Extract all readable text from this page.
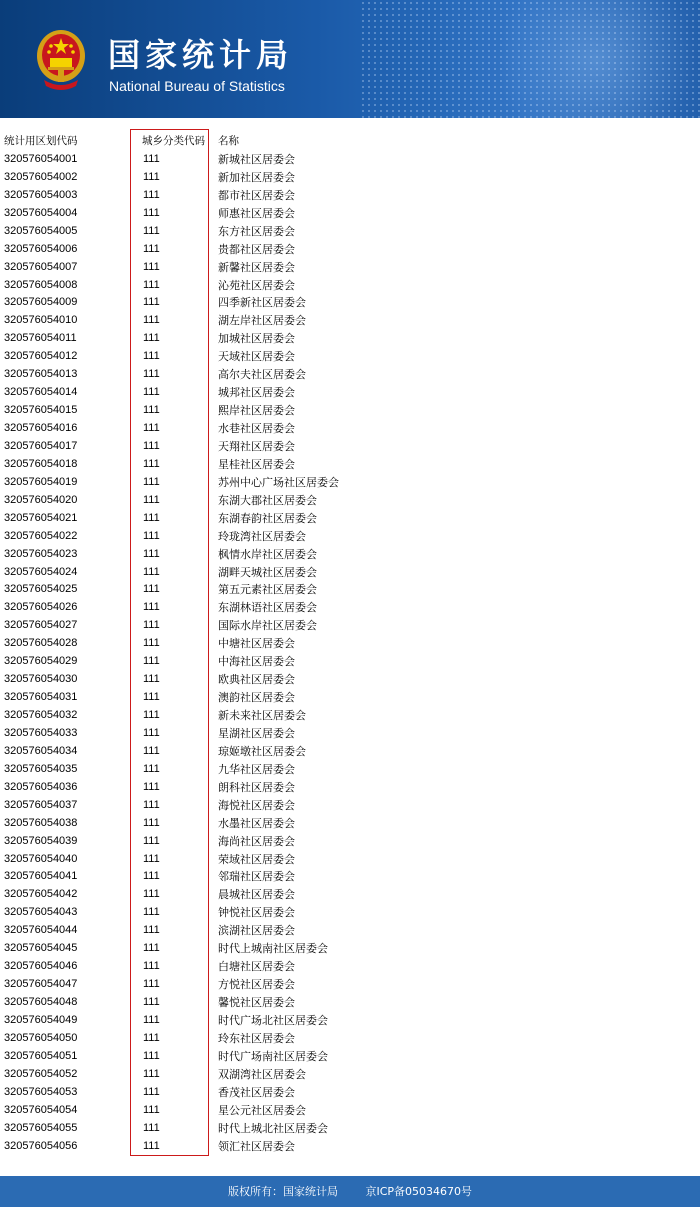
国家统计局
National Bureau of Statistics
统计用区划代码	城乡分类代码 名称
320576054001	111	新城社区居委会
320576054002	111	新加社区居委会
320576054003	111	都市社区居委会
320576054004	111	师惠社区居委会
320576054005	111	东方社区居委会
320576054006	111	贵都社区居委会
320576054007	111	新馨社区居委会
320576054008	111	沁苑社区居委会
320576054009	111	四季新社区居委会
320576054010	111	湖左岸社区居委会
320576054011	111	加城社区居委会
320576054012	111	天域社区居委会
320576054013	111	高尔夫社区居委会
320576054014	111	城邦社区居委会
320576054015	111	熙岸社区居委会
320576054016	111	水巷社区居委会
320576054017	111	天翔社区居委会
320576054018	111	星桂社区居委会
320576054019	111	苏州中心广场社区居委会
320576054020	111	东湖大郡社区居委会
320576054021	111	东湖春韵社区居委会
320576054022	111	玲珑湾社区居委会
320576054023	111	枫情水岸社区居委会
320576054024	111	湖畔天城社区居委会
320576054025	111	第五元素社区居委会
320576054026	111	东湖林语社区居委会
320576054027	111	国际水岸社区居委会
320576054028	111	中塘社区居委会
320576054029	111	中海社区居委会
320576054030	111	欧典社区居委会
320576054031	111	澳韵社区居委会
320576054032	111	新未来社区居委会
320576054033	111	星湖社区居委会
320576054034	111	琼姬墩社区居委会
320576054035	111	九华社区居委会
320576054036	111	朗科社区居委会
320576054037	111	海悦社区居委会
320576054038	111	水墨社区居委会
320576054039	111	海尚社区居委会
320576054040	111	荣域社区居委会
320576054041	111	邻瑞社区居委会
320576054042	111	晨城社区居委会
320576054043	111	钟悦社区居委会
320576054044	111	滨湖社区居委会
320576054045	111	时代上城南社区居委会
320576054046	111	白塘社区居委会
320576054047	111	方悦社区居委会
320576054048	111	馨悦社区居委会
320576054049	111	时代广场北社区居委会
320576054050	111	玲东社区居委会
320576054051	111	时代广场南社区居委会
320576054052	111	双湖湾社区居委会
320576054053	111	香茂社区居委会
320576054054	111	星公元社区居委会
320576054055	111	时代上城北社区居委会
320576054056	111	领汇社区居委会
版权所有：国家统计局	京ICP备05034670号
